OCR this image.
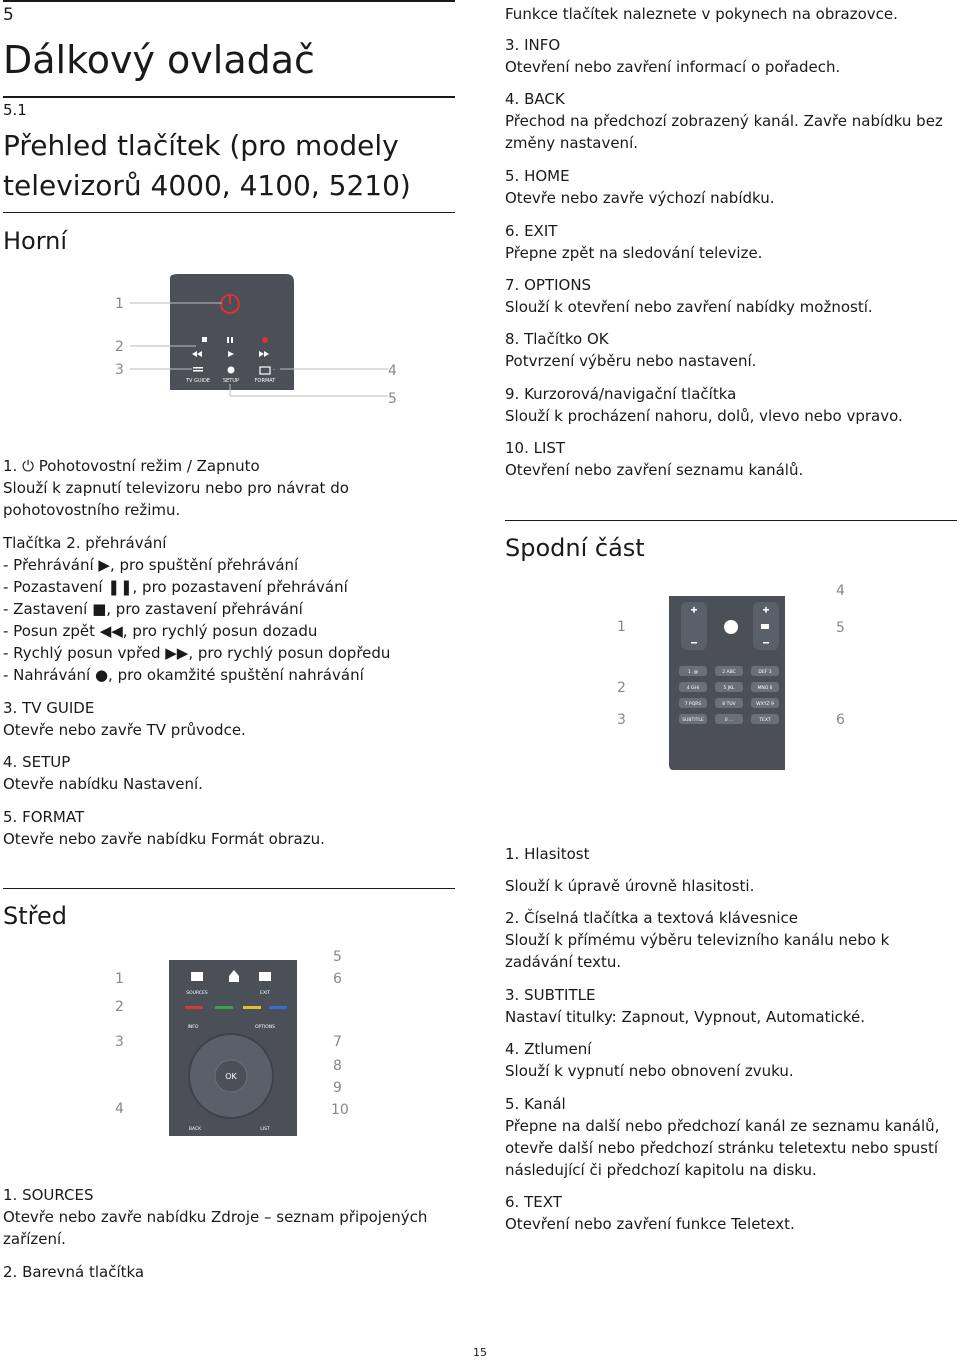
5
Dálkový ovladač
5.1
Přehled tlačítek (pro modely televizorů 4000, 4100, 5210)
Horní
TV GUIDE	SETUP	FORMAT
1
2
3	4
5

1. ⏻ Pohotovostní režim / Zapnuto

Slouží k zapnutí televizoru nebo pro návrat do pohotovostního režimu.

Tlačítka 2. přehrávání

- Přehrávání ▶, pro spuštění přehrávání

- Pozastavení ❚❚, pro pozastavení přehrávání

- Zastavení ■, pro zastavení přehrávání

- Posun zpět ◀◀, pro rychlý posun dozadu

- Rychlý posun vpřed ▶▶, pro rychlý posun dopředu

- Nahrávání ●, pro okamžité spuštění nahrávání

3. TV GUIDE

Otevře nebo zavře TV průvodce.

4. SETUP

Otevře nabídku Nastavení.

5. FORMAT

Otevře nebo zavře nabídku Formát obrazu.

Střed
SOURCES	EXIT
INFO	OPTIONS
OK
BACK	LIST
1
2
3
4
5
6
7
8
9
10

1. SOURCES

Otevře nebo zavře nabídku Zdroje – seznam připojených zařízení.

2. Barevná tlačítka

Funkce tlačítek naleznete v pokynech na obrazovce.

3. INFO

Otevření nebo zavření informací o pořadech.

4. BACK

Přechod na předchozí zobrazený kanál. Zavře nabídku bez změny nastavení.

5. HOME

Otevře nebo zavře výchozí nabídku.

6. EXIT

Přepne zpět na sledování televize.

7. OPTIONS

Slouží k otevření nebo zavření nabídky možností.

8. Tlačítko OK

Potvrzení výběru nebo nastavení.

9. Kurzorová/navigační tlačítka

Slouží k procházení nahoru, dolů, vlevo nebo vpravo.

10. LIST

Otevření nebo zavření seznamu kanálů.

Spodní část
1 .@	2 ABC	DEF 3
4 GHI	5 JKL	MNO 6
7 PQRS	8 TUV	WXYZ 9
SUBTITLE	0 ...	TEXT
1
2
3
4
5
6

1. Hlasitost

Slouží k úpravě úrovně hlasitosti.

2. Číselná tlačítka a textová klávesnice

Slouží k přímému výběru televizního kanálu nebo k zadávání textu.

3. SUBTITLE

Nastaví titulky: Zapnout, Vypnout, Automatické.

4. Ztlumení

Slouží k vypnutí nebo obnovení zvuku.

5. Kanál

Přepne na další nebo předchozí kanál ze seznamu kanálů, otevře další nebo předchozí stránku teletextu nebo spustí následující či předchozí kapitolu na disku.

6. TEXT

Otevření nebo zavření funkce Teletext.

15
